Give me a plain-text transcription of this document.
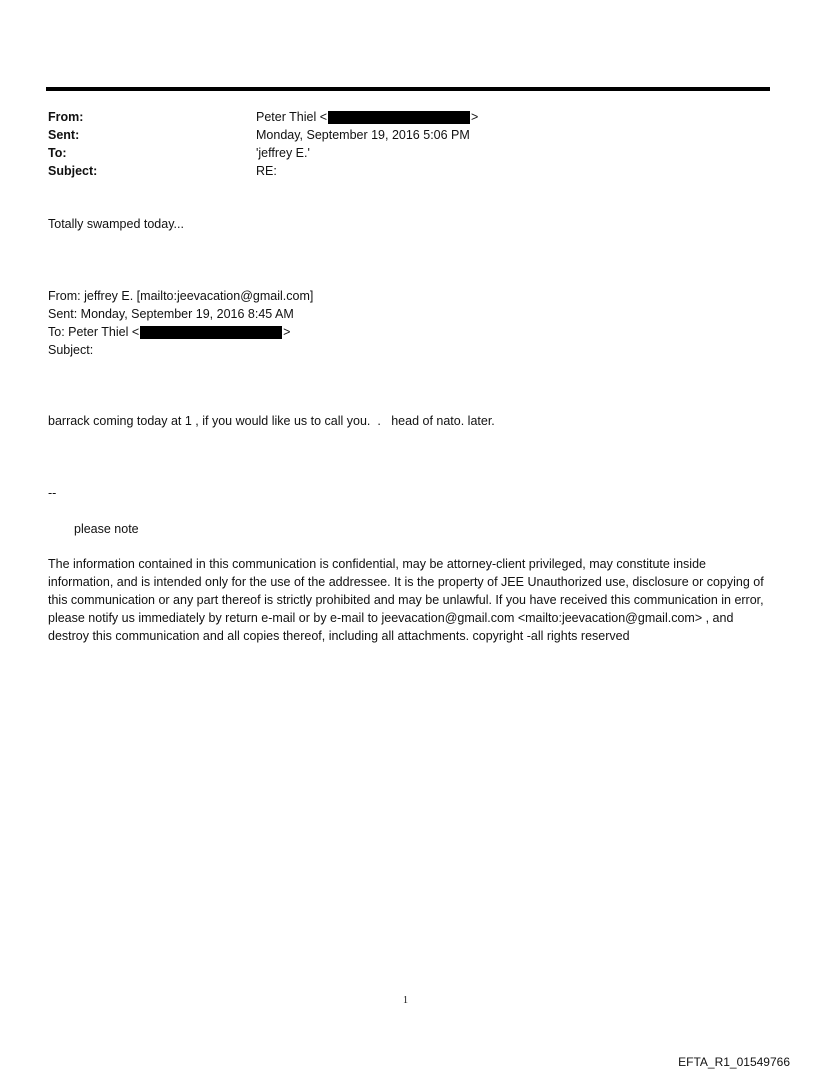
From:	Peter Thiel <	>
Sent:	Monday, September 19, 2016 5:06 PM
To:	'jeffrey E.'
Subject:	RE:
Totally swamped today...
From: jeffrey E. [mailto:jeevacation@gmail.com]
Sent: Monday, September 19, 2016 8:45 AM
To: Peter Thiel <	>
Subject:
barrack coming today at 1 , if you would like us to call you.  .   head of nato. later.
--
please note
The information contained in this communication is confidential, may be attorney-client privileged, may constitute inside information, and is intended only for the use of the addressee. It is the property of JEE Unauthorized use, disclosure or copying of this communication or any part thereof is strictly prohibited and may be unlawful. If you have received this communication in error, please notify us immediately by return e-mail or by e-mail to jeevacation@gmail.com <mailto:jeevacation@gmail.com> , and destroy this communication and all copies thereof, including all attachments. copyright -all rights reserved
1
EFTA_R1_01549766
